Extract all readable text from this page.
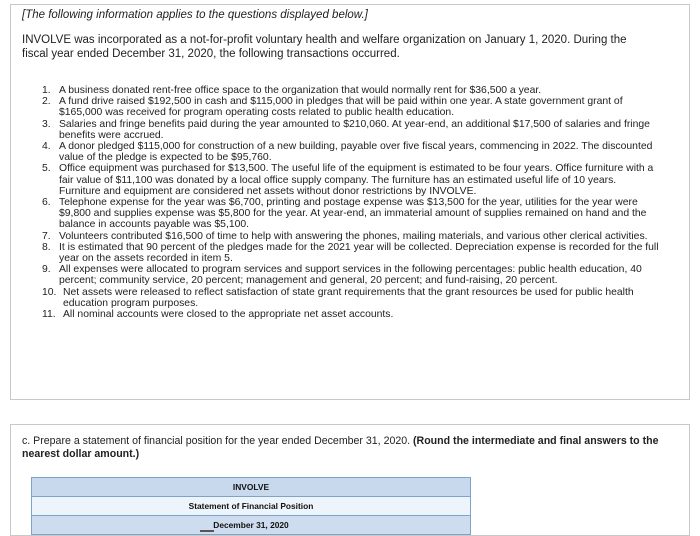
[The following information applies to the questions displayed below.]
INVOLVE was incorporated as a not-for-profit voluntary health and welfare organization on January 1, 2020. During the fiscal year ended December 31, 2020, the following transactions occurred.
1. A business donated rent-free office space to the organization that would normally rent for $36,500 a year.
2. A fund drive raised $192,500 in cash and $115,000 in pledges that will be paid within one year. A state government grant of $165,000 was received for program operating costs related to public health education.
3. Salaries and fringe benefits paid during the year amounted to $210,060. At year-end, an additional $17,500 of salaries and fringe benefits were accrued.
4. A donor pledged $115,000 for construction of a new building, payable over five fiscal years, commencing in 2022. The discounted value of the pledge is expected to be $95,760.
5. Office equipment was purchased for $13,500. The useful life of the equipment is estimated to be four years. Office furniture with a fair value of $11,100 was donated by a local office supply company. The furniture has an estimated useful life of 10 years. Furniture and equipment are considered net assets without donor restrictions by INVOLVE.
6. Telephone expense for the year was $6,700, printing and postage expense was $13,500 for the year, utilities for the year were $9,800 and supplies expense was $5,800 for the year. At year-end, an immaterial amount of supplies remained on hand and the balance in accounts payable was $5,100.
7. Volunteers contributed $16,500 of time to help with answering the phones, mailing materials, and various other clerical activities.
8. It is estimated that 90 percent of the pledges made for the 2021 year will be collected. Depreciation expense is recorded for the full year on the assets recorded in item 5.
9. All expenses were allocated to program services and support services in the following percentages: public health education, 40 percent; community service, 20 percent; management and general, 20 percent; and fund-raising, 20 percent.
10. Net assets were released to reflect satisfaction of state grant requirements that the grant resources be used for public health education program purposes.
11. All nominal accounts were closed to the appropriate net asset accounts.
c. Prepare a statement of financial position for the year ended December 31, 2020. (Round the intermediate and final answers to the nearest dollar amount.)
INVOLVE
Statement of Financial Position
December 31, 2020
